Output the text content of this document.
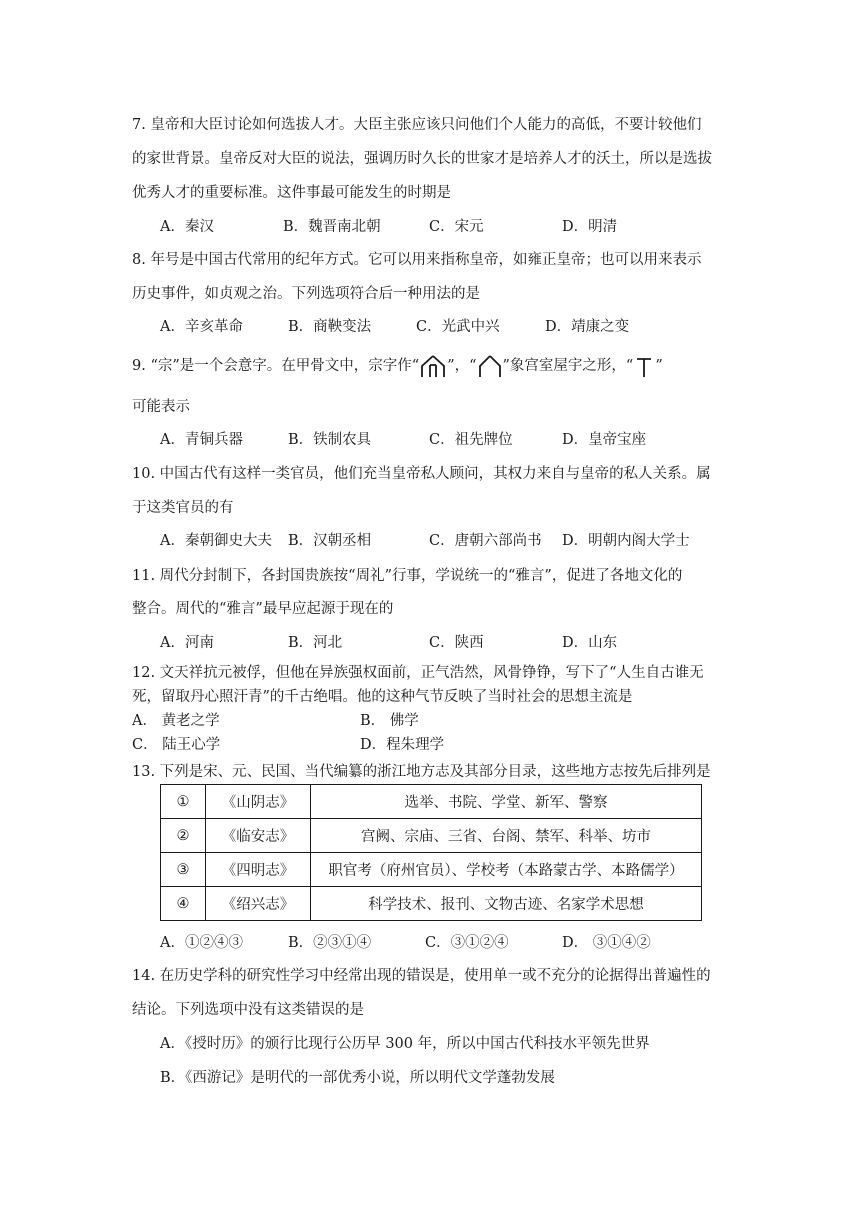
7. 皇帝和大臣讨论如何选拔人才。大臣主张应该只问他们个人能力的高低，不要计较他们
的家世背景。皇帝反对大臣的说法，强调历时久长的世家才是培养人才的沃土，所以是选拔
优秀人才的重要标准。这件事最可能发生的时期是
A．秦汉	B．魏晋南北朝	C．宋元	D．明清
8. 年号是中国古代常用的纪年方式。它可以用来指称皇帝，如雍正皇帝；也可以用来表示
历史事件，如贞观之治。下列选项符合后一种用法的是
A．辛亥革命	B．商鞅变法	C．光武中兴	D．靖康之变
9. “宗”是一个会意字。在甲骨文中，宗字作“ ”，“ ”象宫室屋宇之形，“ ”
可能表示
A．青铜兵器	B．铁制农具	C．祖先牌位	D．皇帝宝座
10. 中国古代有这样一类官员，他们充当皇帝私人顾问，其权力来自与皇帝的私人关系。属
于这类官员的有
A．秦朝御史大夫 B．汉朝丞相	C．唐朝六部尚书 D．明朝内阁大学士
11. 周代分封制下，各封国贵族按“周礼”行事，学说统一的“雅言”，促进了各地文化的
整合。周代的“雅言”最早应起源于现在的
A．河南	B．河北	C．陕西	D．山东
12. 文天祥抗元被俘，但他在异族强权面前，正气浩然，风骨铮铮，写下了“人生自古谁无
死，留取丹心照汗青”的千古绝唱。他的这种气节反映了当时社会的思想主流是
A． 黄老之学	B． 佛学
C． 陆王心学	D．程朱理学
13. 下列是宋、元、民国、当代编纂的浙江地方志及其部分目录，这些地方志按先后排列是
①	《山阴志》	选举、书院、学堂、新军、警察
②	《临安志》	宫阙、宗庙、三省、台阁、禁军、科举、坊市
③	《四明志》	职官考（府州官员）、学校考（本路蒙古学、本路儒学）
④	《绍兴志》	科学技术、报刊、文物古迹、名家学术思想
A．①②④③	B．②③①④	C．③①②④	D． ③①④②
14. 在历史学科的研究性学习中经常出现的错误是，使用单一或不充分的论据得出普遍性的
结论。下列选项中没有这类错误的是
A．《授时历》的颁行比现行公历早 300 年，所以中国古代科技水平领先世界
B．《西游记》是明代的一部优秀小说，所以明代文学蓬勃发展
